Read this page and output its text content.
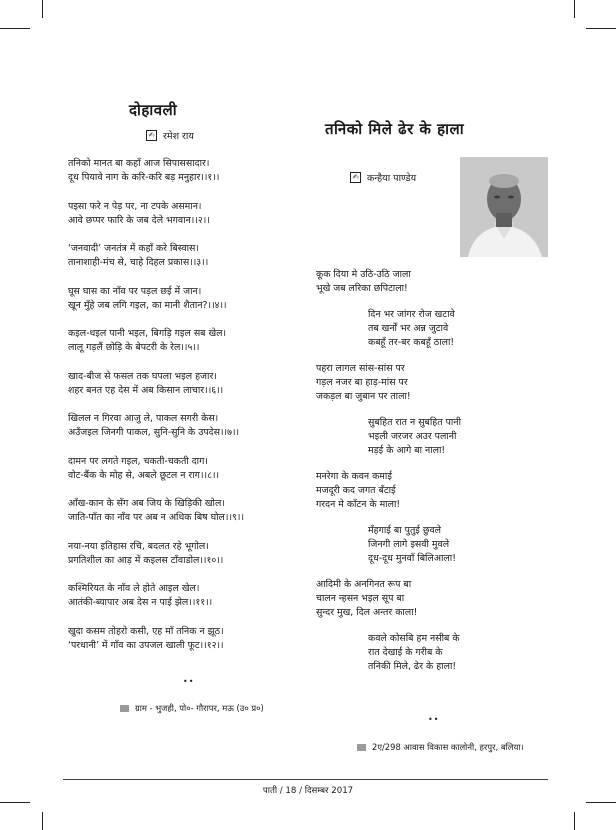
दोहावली
✍ रमेश राय
तनिको मानत बा कहाँ आज सिपाससादार।
दूध पियावे नाग के करि-करि बड़ मनुहार।।१।।
पइसा फरे न पेड़ पर, ना टपके असमान।
आवे छप्पर फारि के जब देले भगवान।।२।।
‘जनवादी’ जनतंत्र में कहाँ करे बिस्वास।
तानाशाही-मंच से, चाहे दिहल प्रकास।।३।।
घूस घास का नाँव पर पड़ल छई में जान।
खून मुँहे जब लगि गइल, का मानी शैतान?।।४।।
कइल-धइल पानी भइल, बिगड़ि गइल सब खेल।
लालू गड़लैं छोड़ि के बेपटरी के रेल।।५।।
खाद-बीज से फसल तक घपला भइल हजार।
शहर बनत एह देस में अब किसान लाचार।।६।।
खिलल न गिरवा आजु ले, पाकल सगरी केस।
अउँजइल जिनगी पाकल, सुनि-सुनि के उपदेस।।७।।
दामन पर लगते गइल, चकती-चकती दाग।
वोट-बैंक के मोह से, अबले छूटल न राग।।८।।
आँख-कान के सँग अब जिय के खिड़िकी खोल।
जाति-पाँत का नाँव पर अब न अधिक बिष घोल।।९।।
नया-नया इतिहास रचि, बदलत रहे भूगोल।
प्रगतिशील का आड़ में कइलस टाँवाडोल।।१०।।
कश्मिरियत के नाँव ले होते आइल खेल।
आतंकी-ब्यापार अब देस न पाई झेल।।११।।
खुदा कसम तोहरो कसी, एह माँ तनिक न झूठ।
‘परधानी’ में गाँव का उपजल खाली फूट।।१२।।
••
ग्राम - भुजही, पो०- गौरापर, मऊ (उ० प्र०)
तनिको मिले ढेर के हाला
✍ कन्हैया पाण्डेय
कूक दिया मे उठि-उठि जाला
भूखे जब लरिका छपिटाला!
दिन भर जांगर रोज खटावे
तब खर्नों भर अन्न जुटावे
कबहूँ तर-बर कबहूँ ठाला!
पहरा लागल सांस-सांस पर
गड़ल नजर बा हाड़-मांस पर
जकड़ल बा जुबान पर ताला!
सुबहित रात न सुबहित पानी
भइली जरजर अउर पलानी
मड़ई के आगे बा नाला!
मनरेगा के कवन कमाई
मजदूरी कद जगत बँटाई
गरदन मे काँटन के माला!
मँहगाई बा पुतुई छुवले
जिनगी लागे इसवी मुवले
दूध-दूध मुनवाँ बिलिआला!
आदिमी के अनगिनत रूप बा
चालन न्हसन भइल सूप बा
सुन्दर मुख, दिल अन्तर काला!
कवले कोसबि हम नसीब के
रात देखाई के गरीब के
तनिकी मिले, ढेर के हाला!
••
2ए/298 आवास विकास कालोनी, हरपुर, बलिया।
पाती / 18 / दिसम्बर 2017
